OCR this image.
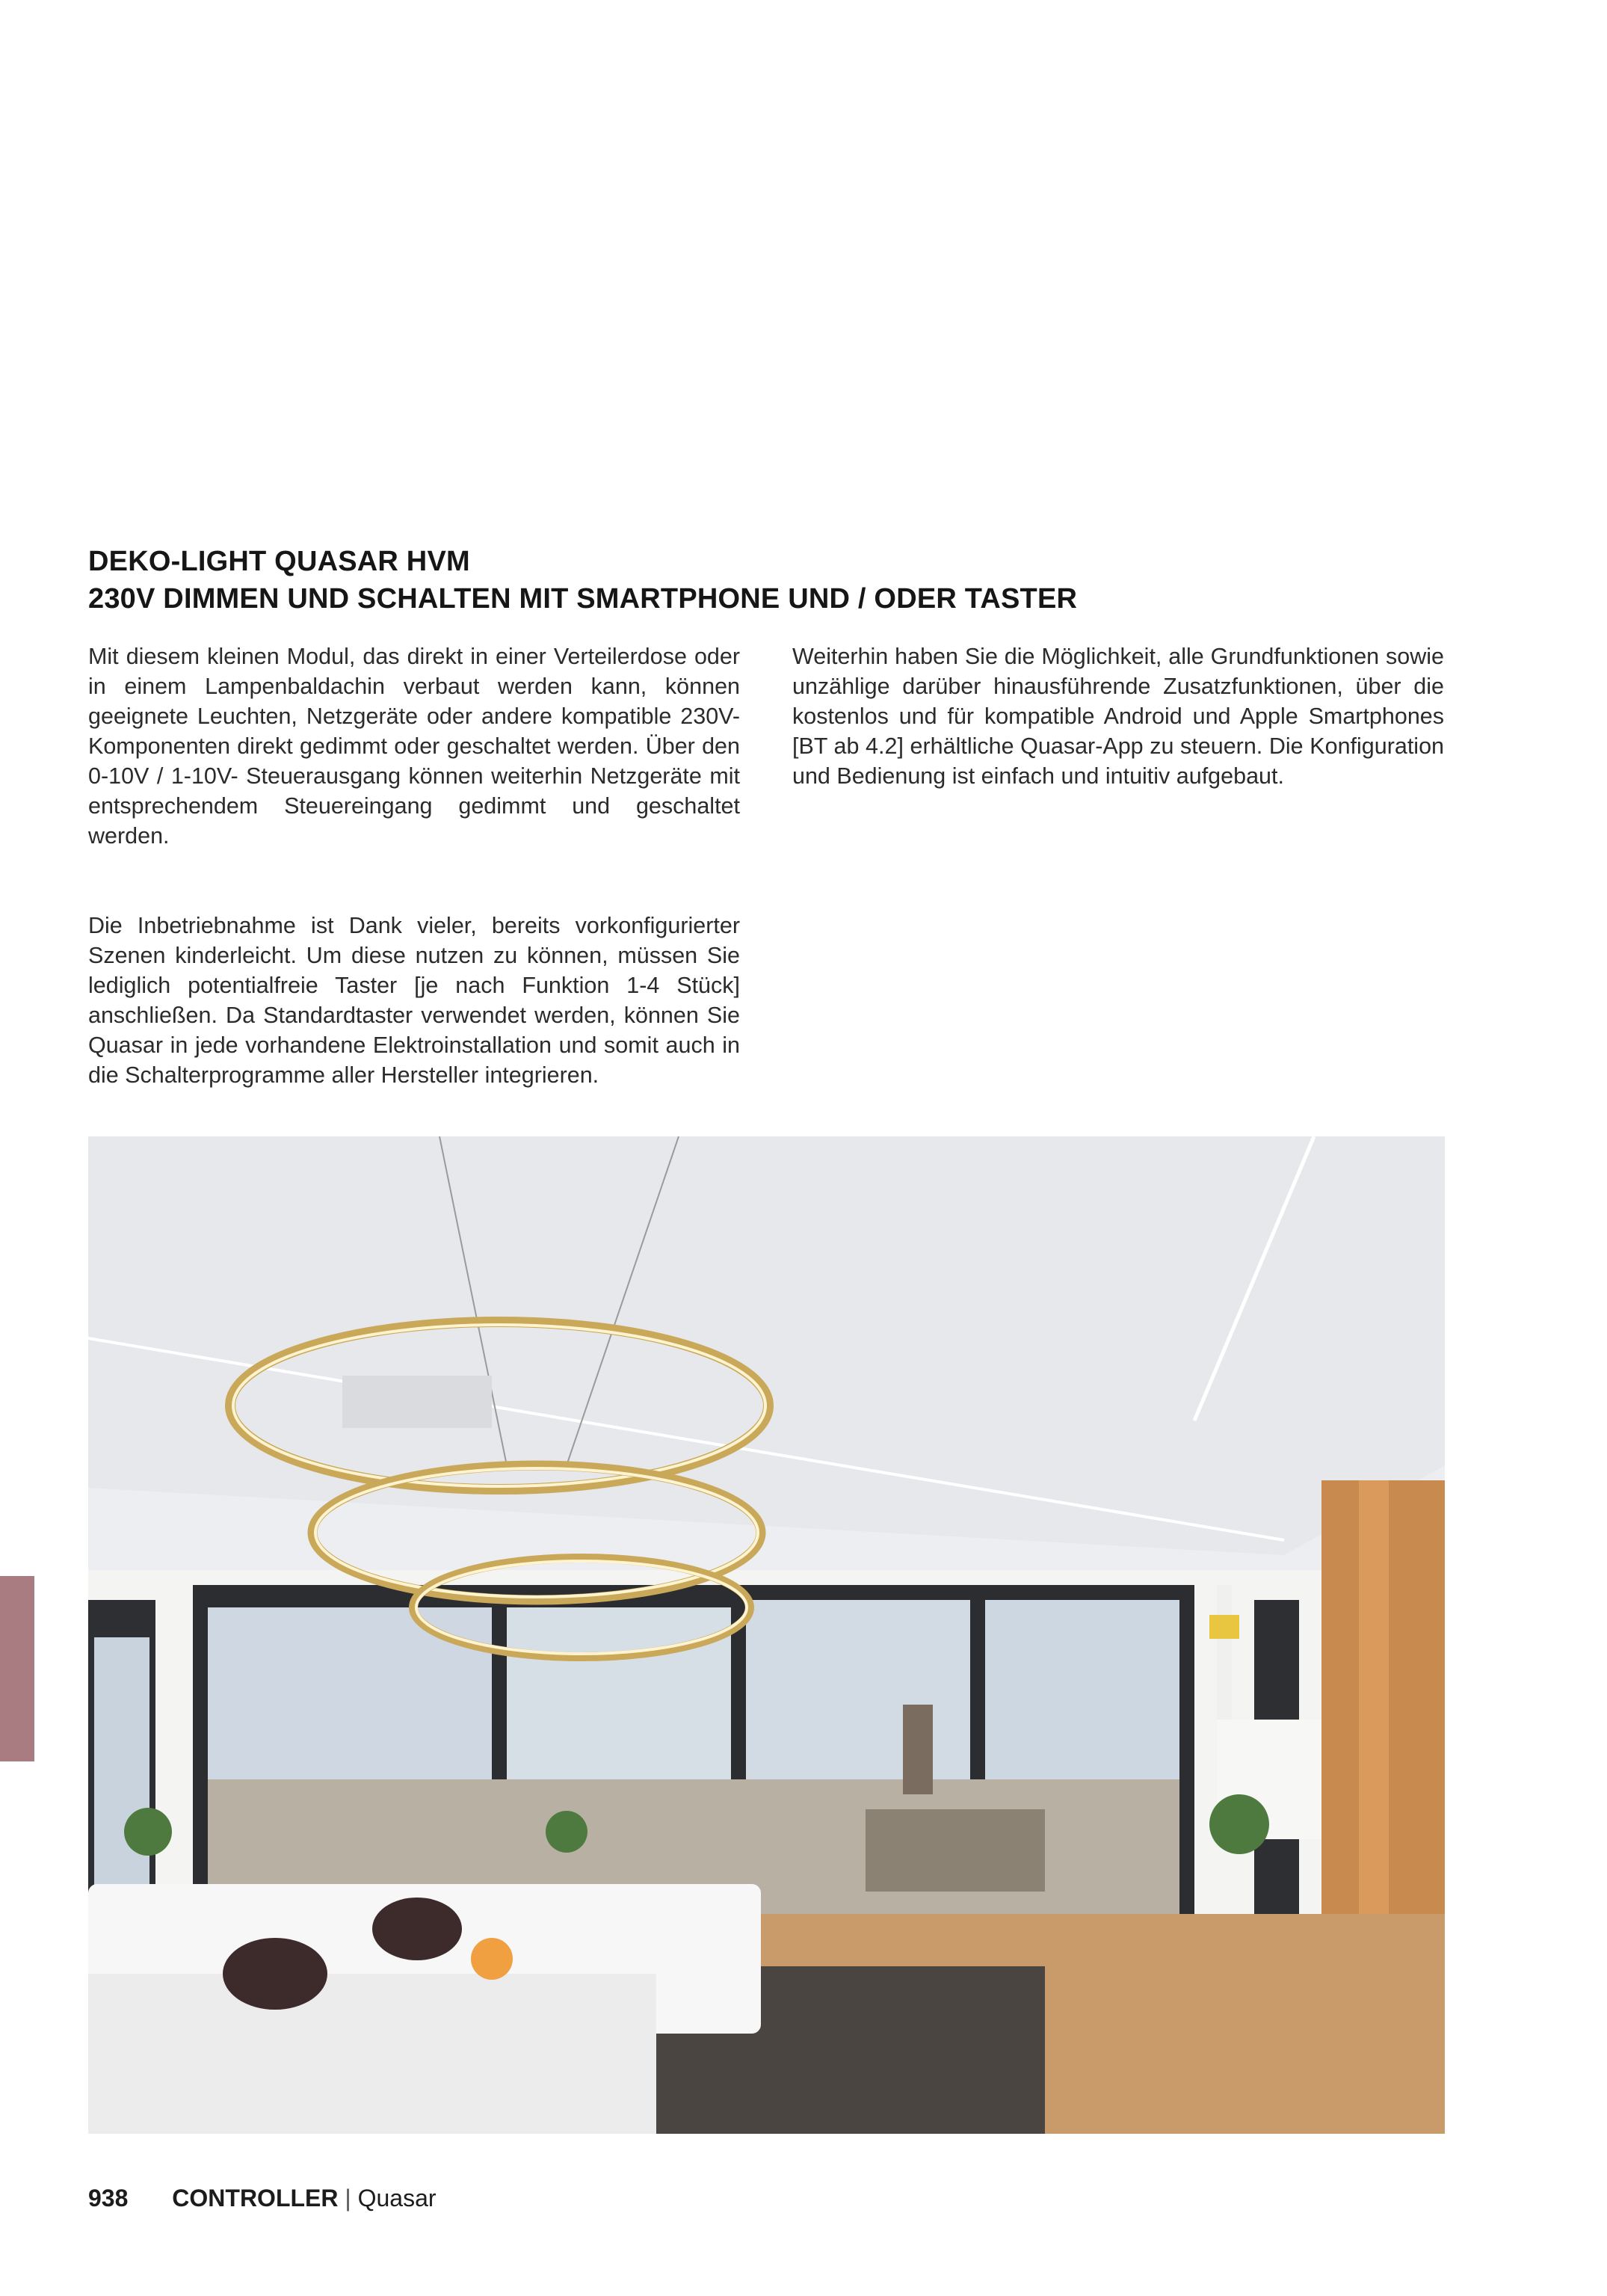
DEKO-LIGHT QUASAR HVM
230V DIMMEN UND SCHALTEN MIT SMARTPHONE UND / ODER TASTER

Mit diesem kleinen Modul, das direkt in einer Verteilerdose oder in einem Lampenbaldachin verbaut werden kann, können geeignete Leuchten, Netzgeräte oder andere kompatible 230V-Komponenten direkt gedimmt oder geschaltet werden. Über den 0-10V / 1-10V- Steuerausgang können weiterhin Netzgeräte mit entsprechendem Steuereingang gedimmt und geschaltet werden.

Weiterhin haben Sie die Möglichkeit, alle Grundfunktionen sowie unzählige darüber hinausführende Zusatzfunktionen, über die kostenlos und für kompatible Android und Apple Smartphones [BT ab 4.2] erhältliche Quasar-App zu steuern. Die Konfiguration und Bedienung ist einfach und intuitiv aufgebaut.

Die Inbetriebnahme ist Dank vieler, bereits vorkonfigurierter Szenen kinderleicht. Um diese nutzen zu können, müssen Sie lediglich potentialfreie Taster [je nach Funktion 1-4 Stück] anschließen. Da Standardtaster verwendet werden, können Sie Quasar in jede vorhandene Elektroinstallation und somit auch in die Schalterprogramme aller Hersteller integrieren.

938 CONTROLLER | Quasar
